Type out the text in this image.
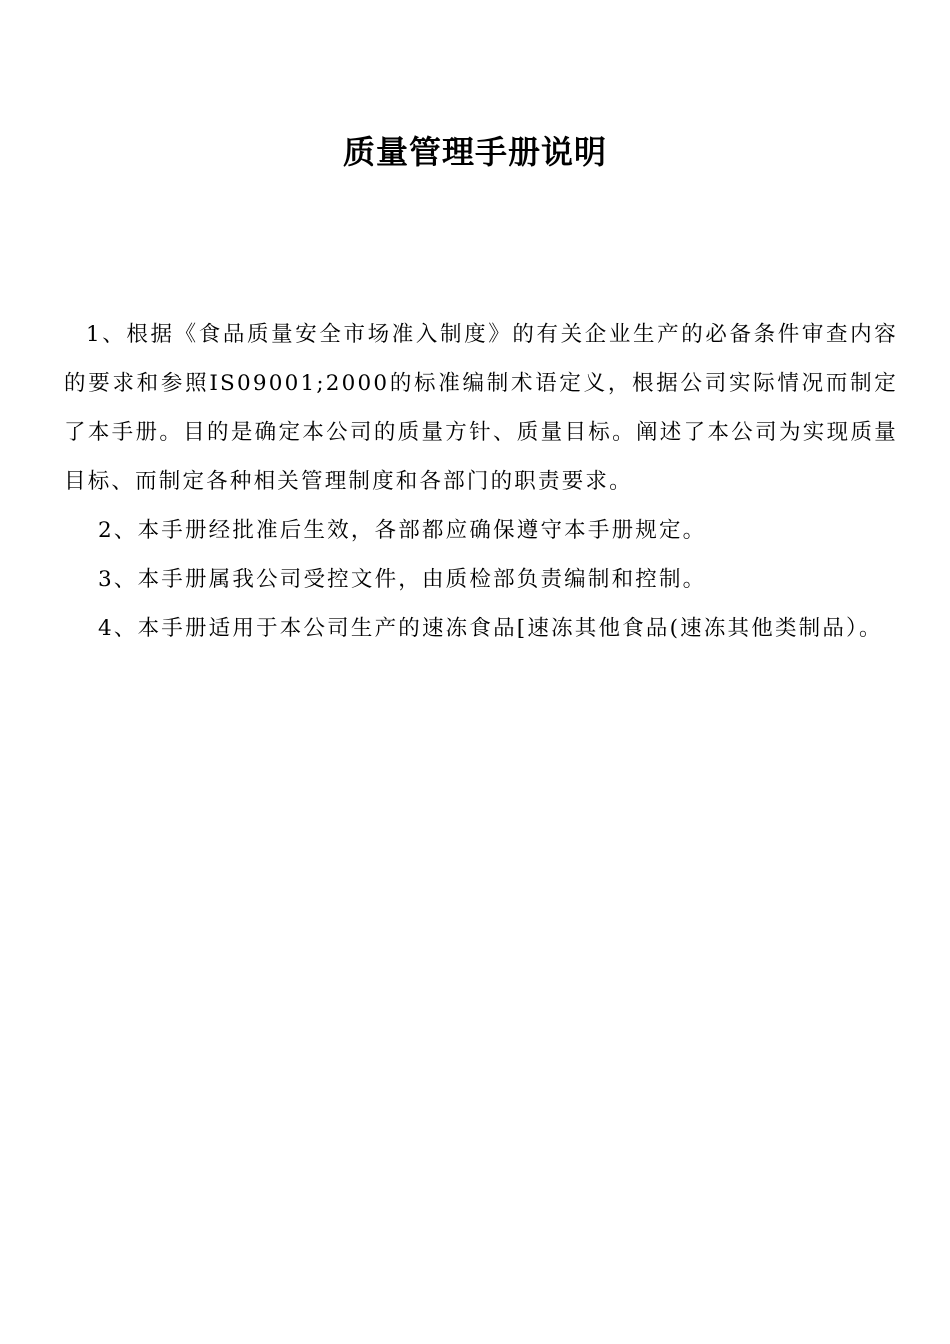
质量管理手册说明

1、根据《食品质量安全市场准入制度》的有关企业生产的必备条件审查内容的要求和参照IS09001;2000的标准编制术语定义，根据公司实际情况而制定了本手册。目的是确定本公司的质量方针、质量目标。阐述了本公司为实现质量目标、而制定各种相关管理制度和各部门的职责要求。

2、本手册经批准后生效，各部都应确保遵守本手册规定。

3、本手册属我公司受控文件，由质检部负责编制和控制。

4、本手册适用于本公司生产的速冻食品[速冻其他食品(速冻其他类制品）。
